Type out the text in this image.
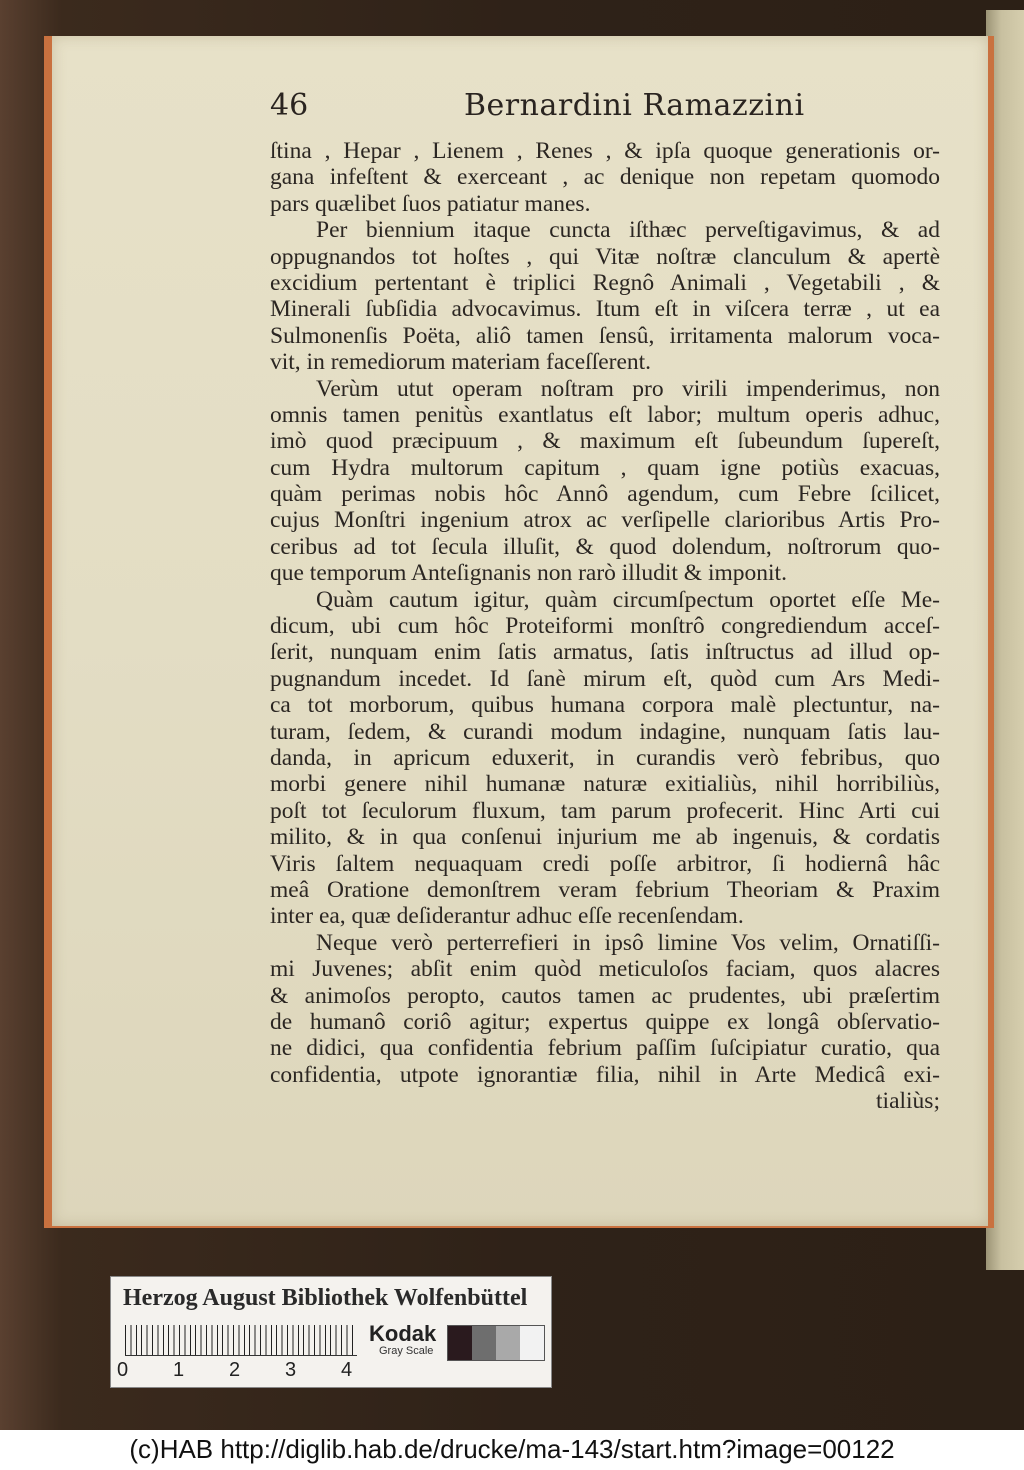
46	Bernardini Ramazzini
ſtina , Hepar , Lienem , Renes , & ipſa quoque generationis or-
gana infeſtent & exerceant , ac denique non repetam quomodo
pars quælibet ſuos patiatur manes.
Per biennium itaque cuncta iſthæc perveſtigavimus, & ad
oppugnandos tot hoſtes , qui Vitæ noſtræ clanculum & apertè
excidium pertentant è triplici Regnô Animali , Vegetabili , &
Minerali ſubſidia advocavimus. Itum eſt in viſcera terræ , ut ea
Sulmonenſis Poëta, aliô tamen ſensû, irritamenta malorum voca-
vit, in remediorum materiam faceſſerent.
Verùm utut operam noſtram pro virili impenderimus, non
omnis tamen penitùs exantlatus eſt labor; multum operis adhuc,
imò quod præcipuum , & maximum eſt ſubeundum ſupereſt,
cum Hydra multorum capitum , quam igne potiùs exacuas,
quàm perimas nobis hôc Annô agendum, cum Febre ſcilicet,
cujus Monſtri ingenium atrox ac verſipelle clarioribus Artis Pro-
ceribus ad tot ſecula illuſit, & quod dolendum, noſtrorum quo-
que temporum Anteſignanis non rarò illudit & imponit.
Quàm cautum igitur, quàm circumſpectum oportet eſſe Me-
dicum, ubi cum hôc Proteiformi monſtrô congrediendum acceſ-
ſerit, nunquam enim ſatis armatus, ſatis inſtructus ad illud op-
pugnandum incedet. Id ſanè mirum eſt, quòd cum Ars Medi-
ca tot morborum, quibus humana corpora malè plectuntur, na-
turam, ſedem, & curandi modum indagine, nunquam ſatis lau-
danda, in apricum eduxerit, in curandis verò febribus, quo
morbi genere nihil humanæ naturæ exitialiùs, nihil horribiliùs,
poſt tot ſeculorum fluxum, tam parum profecerit. Hinc Arti cui
milito, & in qua conſenui injurium me ab ingenuis, & cordatis
Viris ſaltem nequaquam credi poſſe arbitror, ſi hodiernâ hâc
meâ Oratione demonſtrem veram febrium Theoriam & Praxim
inter ea, quæ deſiderantur adhuc eſſe recenſendam.
Neque verò perterrefieri in ipsô limine Vos velim, Ornatiſſi-
mi Juvenes; abſit enim quòd meticuloſos faciam, quos alacres
& animoſos peropto, cautos tamen ac prudentes, ubi præſertim
de humanô coriô agitur; expertus quippe ex longâ obſervatio-
ne didici, qua confidentia febrium paſſim ſuſcipiatur curatio, qua
confidentia, utpote ignorantiæ filia, nihil in Arte Medicâ exi-
tialiùs;
Herzog August Bibliothek Wolfenbüttel
0 1 2 3 4
Kodak
Gray Scale
(c)HAB http://diglib.hab.de/drucke/ma-143/start.htm?image=00122
